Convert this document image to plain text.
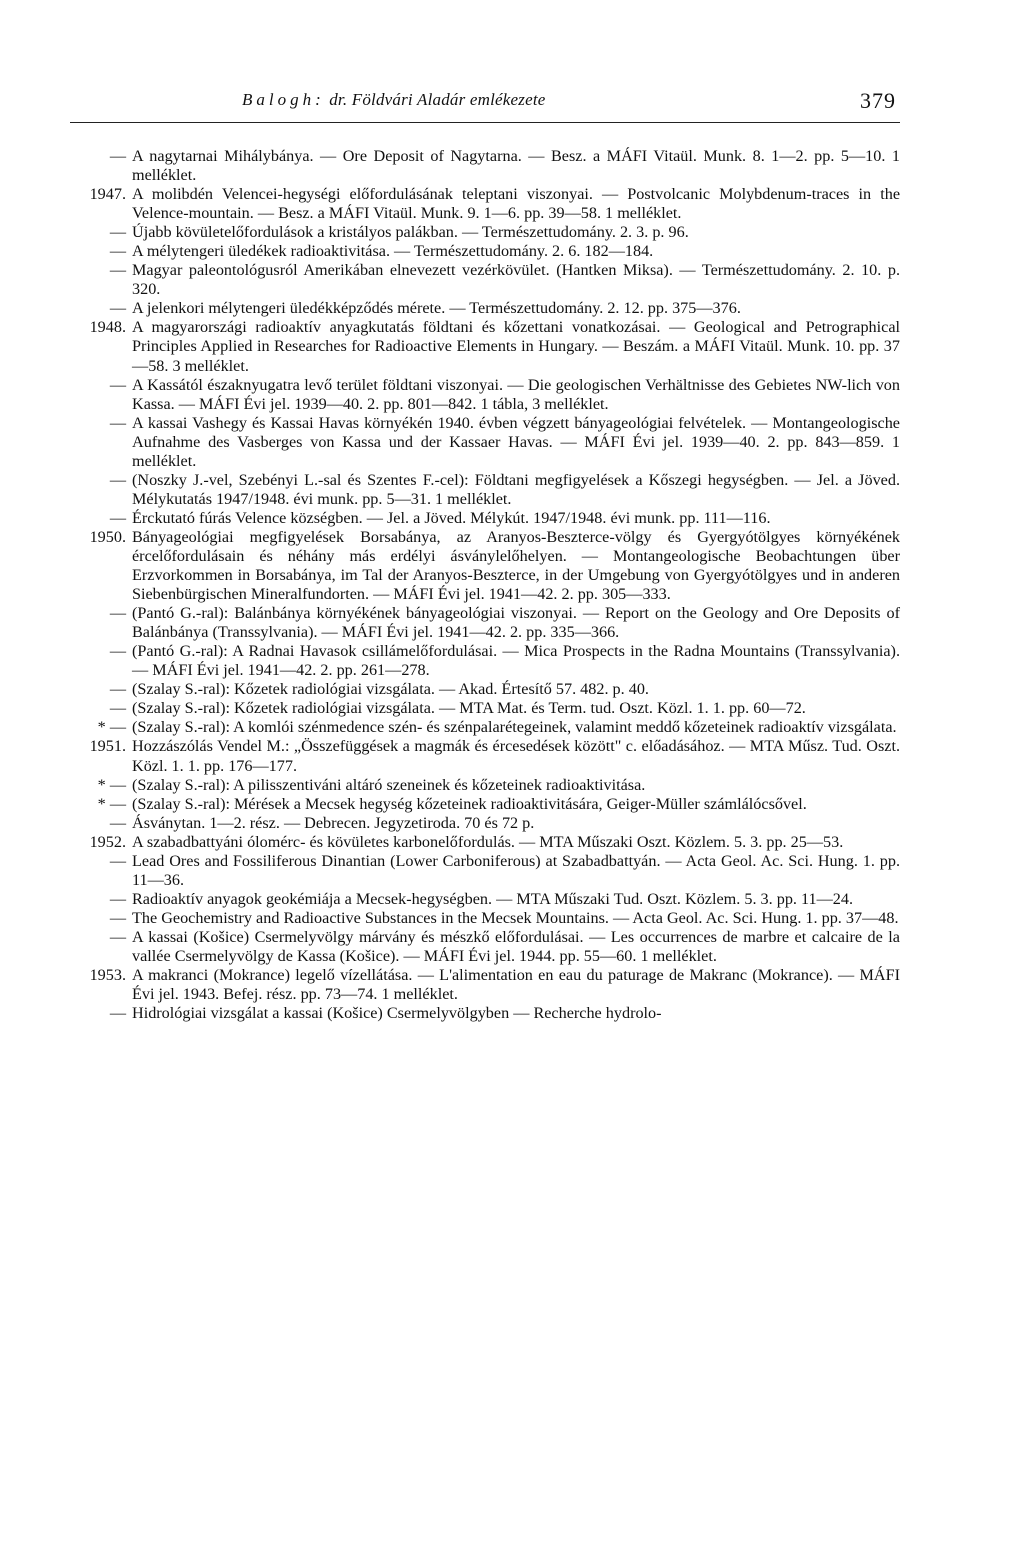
Balogh: dr. Földvári Aladár emlékezete	379
— A nagytarnai Mihálybánya. — Ore Deposit of Nagytarna. — Besz. a MÁFI Vitaül. Munk. 8. 1—2. pp. 5—10. 1 melléklet.
1947. A molibdén Velencei-hegységi előfordulásának teleptani viszonyai. — Postvolcanic Molybdenum-traces in the Velence-mountain. — Besz. a MÁFI Vitaül. Munk. 9. 1—6. pp. 39—58. 1 melléklet.
— Újabb kövületelőfordulások a kristályos palákban. — Természettudomány. 2. 3. p. 96.
— A mélytengeri üledékek radioaktivitása. — Természettudomány. 2. 6. 182—184.
— Magyar paleontológusról Amerikában elnevezett vezérkövület. (Hantken Miksa). — Természettudomány. 2. 10. p. 320.
— A jelenkori mélytengeri üledékképződés mérete. — Természettudomány. 2. 12. pp. 375—376.
1948. A magyarországi radioaktív anyagkutatás földtani és kőzettani vonatkozásai. — Geological and Petrographical Principles Applied in Researches for Radioactive Elements in Hungary. — Beszám. a MÁFI Vitaül. Munk. 10. pp. 37—58. 3 melléklet.
— A Kassától északnyugatra levő terület földtani viszonyai. — Die geologischen Verhältnisse des Gebietes NW-lich von Kassa. — MÁFI Évi jel. 1939—40. 2. pp. 801—842. 1 tábla, 3 melléklet.
— A kassai Vashegy és Kassai Havas környékén 1940. évben végzett bányageológiai felvételek. — Montangeologische Aufnahme des Vasberges von Kassa und der Kassaer Havas. — MÁFI Évi jel. 1939—40. 2. pp. 843—859. 1 melléklet.
— (Noszky J.-vel, Szebényi L.-sal és Szentes F.-cel): Földtani megfigyelések a Kőszegi hegységben. — Jel. a Jöved. Mélykutatás 1947/1948. évi munk. pp. 5—31. 1 melléklet.
— Érckutató fúrás Velence községben. — Jel. a Jöved. Mélykút. 1947/1948. évi munk. pp. 111—116.
1950. Bányageológiai megfigyelések Borsabánya, az Aranyos-Beszterce-völgy és Gyergyótölgyes környékének ércelőfordulásain és néhány más erdélyi ásványlelőhelyen. — Montangeologische Beobachtungen über Erzvorkommen in Borsabánya, im Tal der Aranyos-Beszterce, in der Umgebung von Gyergyótölgyes und in anderen Siebenbürgischen Mineralfundorten. — MÁFI Évi jel. 1941—42. 2. pp. 305—333.
— (Pantó G.-ral): Balánbánya környékének bányageológiai viszonyai. — Report on the Geology and Ore Deposits of Balánbánya (Transsylvania). — MÁFI Évi jel. 1941—42. 2. pp. 335—366.
— (Pantó G.-ral): A Radnai Havasok csillámelőfordulásai. — Mica Prospects in the Radna Mountains (Transsylvania). — MÁFI Évi jel. 1941—42. 2. pp. 261—278.
— (Szalay S.-ral): Kőzetek radiológiai vizsgálata. — Akad. Értesítő 57. 482. p. 40.
— (Szalay S.-ral): Kőzetek radiológiai vizsgálata. — MTA Mat. és Term. tud. Oszt. Közl. 1. 1. pp. 60—72.
* — (Szalay S.-ral): A komlói szénmedence szén- és szénpalarétegeinek, valamint meddő kőzeteinek radioaktív vizsgálata.
1951. Hozzászólás Vendel M.: „Összefüggések a magmák és ércesedések között" c. előadásához. — MTA Műsz. Tud. Oszt. Közl. 1. 1. pp. 176—177.
* — (Szalay S.-ral): A pilisszentiváni altáró szeneinek és kőzeteinek radioaktivitása.
* — (Szalay S.-ral): Mérések a Mecsek hegység kőzeteinek radioaktivitására, Geiger-Müller számlálócsővel.
— Ásványtan. 1—2. rész. — Debrecen. Jegyzetiroda. 70 és 72 p.
1952. A szabadbattyáni ólomérc- és kövületes karbonelőfordulás. — MTA Műszaki Oszt. Közlem. 5. 3. pp. 25—53.
— Lead Ores and Fossiliferous Dinantian (Lower Carboniferous) at Szabadbattyán. — Acta Geol. Ac. Sci. Hung. 1. pp. 11—36.
— Radioaktív anyagok geokémiája a Mecsek-hegységben. — MTA Műszaki Tud. Oszt. Közlem. 5. 3. pp. 11—24.
— The Geochemistry and Radioactive Substances in the Mecsek Mountains. — Acta Geol. Ac. Sci. Hung. 1. pp. 37—48.
— A kassai (Košice) Csermelyvölgy márvány és mészkő előfordulásai. — Les occurrences de marbre et calcaire de la vallée Csermelyvölgy de Kassa (Košice). — MÁFI Évi jel. 1944. pp. 55—60. 1 melléklet.
1953. A makranci (Mokrance) legelő vízellátása. — L'alimentation en eau du paturage de Makranc (Mokrance). — MÁFI Évi jel. 1943. Befej. rész. pp. 73—74. 1 melléklet.
— Hidrológiai vizsgálat a kassai (Košice) Csermelyvölgyben — Recherche hydrolo-
